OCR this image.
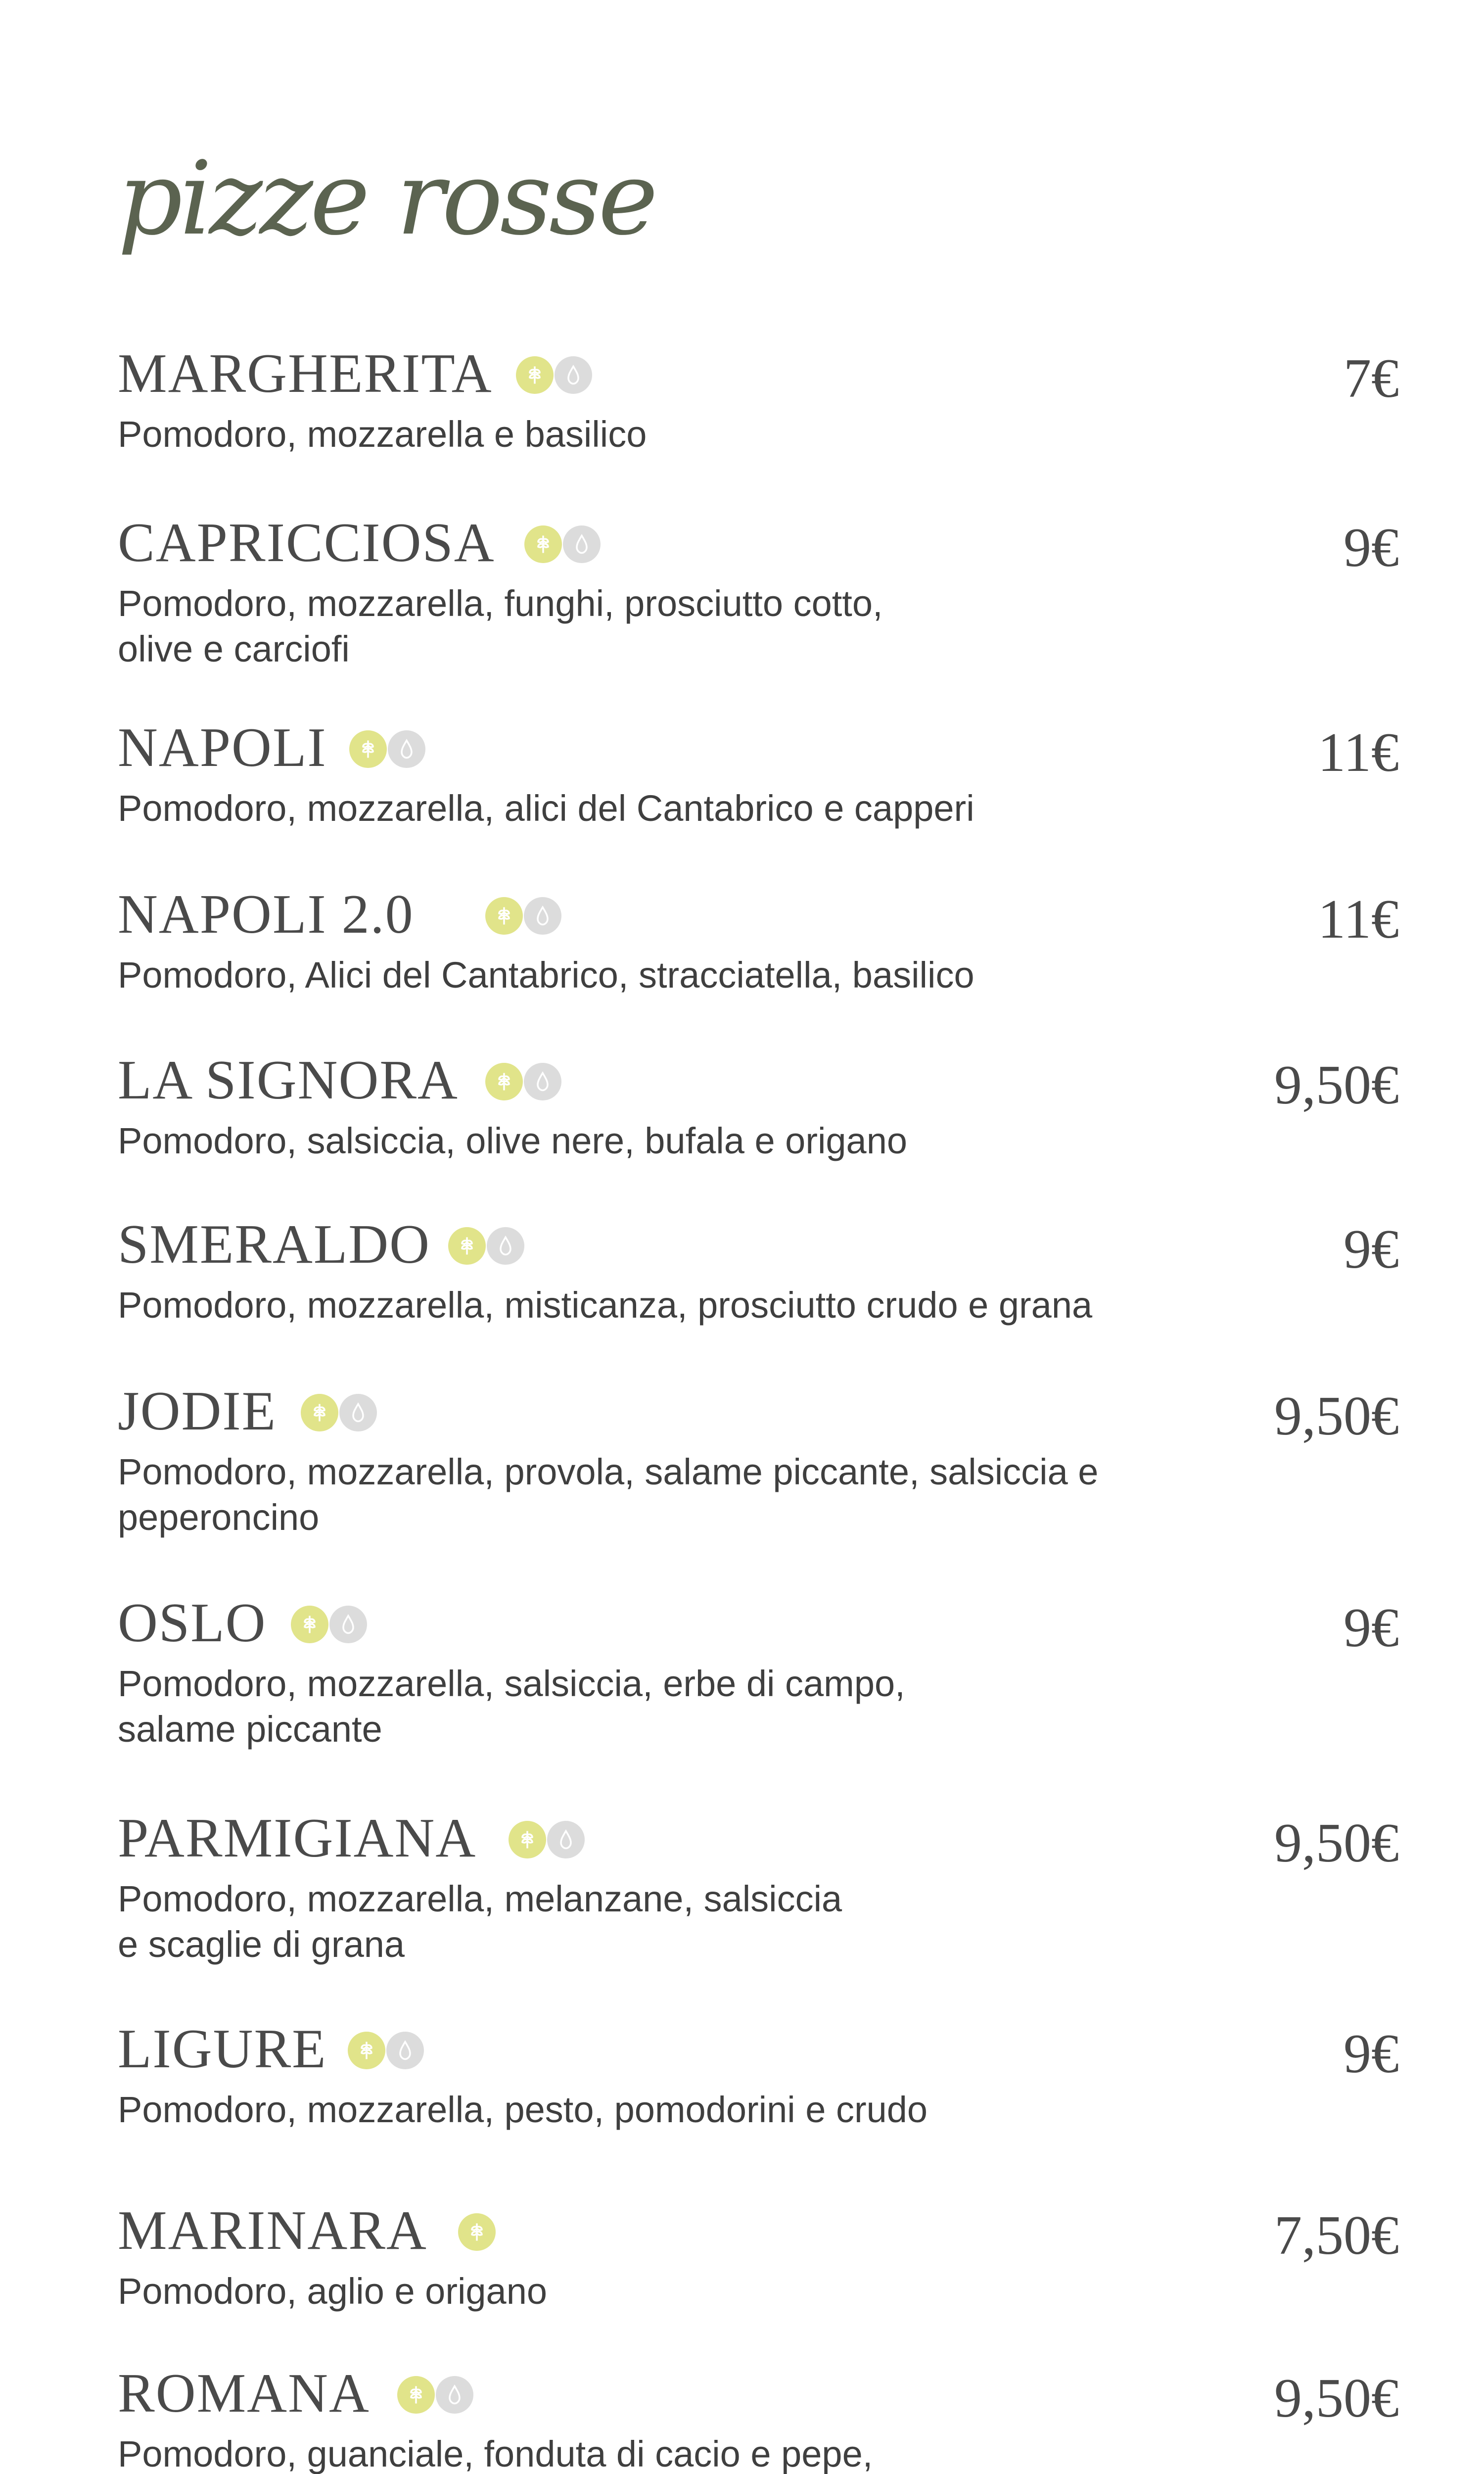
pizze rosse
MARGHERITA	7€
Pomodoro, mozzarella e basilico
CAPRICCIOSA	9€
Pomodoro, mozzarella, funghi, prosciutto cotto,
olive e carciofi
NAPOLI	11€
Pomodoro, mozzarella, alici del Cantabrico e capperi
NAPOLI 2.0	11€
Pomodoro, Alici del Cantabrico, stracciatella, basilico
LA SIGNORA	9,50€
Pomodoro, salsiccia, olive nere, bufala e origano
SMERALDO	9€
Pomodoro, mozzarella, misticanza, prosciutto crudo e grana
JODIE	9,50€
Pomodoro, mozzarella, provola, salame piccante, salsiccia e
peperoncino
OSLO	9€
Pomodoro, mozzarella, salsiccia, erbe di campo,
salame piccante
PARMIGIANA	9,50€
Pomodoro, mozzarella, melanzane, salsiccia
e scaglie di grana
LIGURE	9€
Pomodoro, mozzarella, pesto, pomodorini e crudo
MARINARA	7,50€
Pomodoro, aglio e origano
ROMANA	9,50€
Pomodoro, guanciale, fonduta di cacio e pepe,
